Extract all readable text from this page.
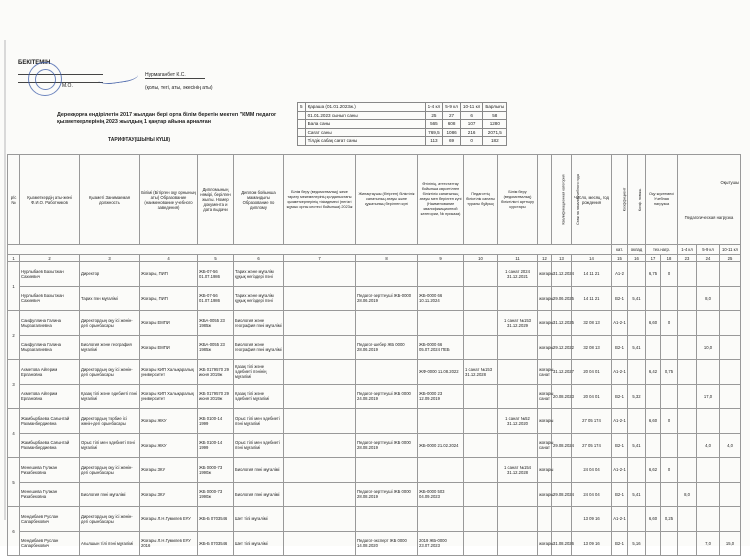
БЕКІТЕМІН

М.О.
Нурмаганбет К.С.

(қолы, тегі, аты, әкесінің аты)
Дерекқорға ендірілетін 2017 жылдан бері орта білім беретін мектеп "КММ педагог қызметкерлерінің 2023 жылдың 1 қаңтар айына арналған
ТАРИФТАУ(ШЫНЫ КҮШІ)
5	Қараша (01.01.2023ж.)	1-4 кл	5-9 кл	10-11 кл	Барлығы
	01.01.2023 сынып саны	25	27	6	58
	Бала саны	565	608	107	1280
	Сағат саны	769,5	1086	216	2071,5
	Тілдік сабақ сағат саны	113	69	0	182
p/c №	Қызметкердің аты-жөні Ф.И.О. Работников	Қызметі Занимаемая должность	Білімі (Бітірген оқу орнының аты) Образование (наименование учебного заведения)	Дипломының нөмірі, берілген жылы. Номер документа и дата выдачи	Диплом бойынша мамандығы Образование по диплому	Білім беру (ведомствалық) жеке тарату мекемелерінің қолданыстағы қызметкерлерінің тізімдемесі (негізгі жұмыс орны кестесі бойынша) 2023ж	Жинақтаушы (бітірген) біліктілік санатының атауы және құжатының берілген күні	Өтілінің, аттестаттау бойынша көрсетілген біліктілік санатының атауы мен берілген күні (Наименование квалификационной категории, № приказа)	Педагогтің біліктілік санаты туралы бұйрық	Білім беру (ведомствалық) біліктілікті арттыру курстары	Квалификационная категория	Стаж на начало учебного года	Число, месяц, год рождения	Коэффициент	Коэф. повыш.	Оқу жүктемесі Учебная нагрузка		Оқытушы
Педагогическая нагрузка		

														кат.	оклад	тех.нагр.		1-4 кл	5-9 кл	10-11 кл
1	2	3	4	5	6	7	8	9	10	11	12	13	14	15	16	17	18	23	24	25
1	Нурлыбаев Бахытжан Сахиевич	Директор	Жоғары, ПИП	ЖБ-07-56 01.07.1986	Тарих және мұғалім құқық негіздері пәні					1 санат 2024 31.12.2021	жоғары	31.12.2024	14 11 21	A1-2		6,75	0			
	Нурлыбаев Бахытжан Сахиевич	Тарих пән мұғалімі	Жоғары, ПИП	ЖБ-07-56 01.07.1986	Тарих және мұғалім құқық негіздері пәні		Педагог-зерттеуші ЖБ-0000 28.06.2019	ЖБ-0000 66 10.11.2024			жоғары	29.06.2025	14 11 21	B2-1	5,41				8,0	
2	Саифуллина Галина Мырзагалиевна	Директордың оқу ісі жөнін-дегі орынбасары	Жоғары ЕМПИ	ЖБА-0055 23 1985ж	Биология және география пәні мұғалімі					1 санат №153 31.12.2029	жоғары	31.12.2025	32 08 13	A1-2-1		6,60	0			
	Саифуллина Галина Мырзагалиевна	Биология және география мұғалімі	Жоғары ЕМПИ	ЖБА-0055 23 1985ж	Биология және география пәні мұғалімі		Педагог-шебер ЖБ 0000 28.06.2019	ЖБ-0000 66 05.07.2024 ПЕБ			жоғары	29.12.2022	32 08 13	B2-1	5,41				10,0	
3	Ахметова Айгерим Ерлановна	Директордың оқу ісі жөнін-дегі орынбасары	Жоғары КИП Халықаралық университет	ЖБ 0179570 29 июня 2019ж	Қазақ тілі және әдебиеті пәнінің мұғалімі			ЖФ-0000 11.08.2022	1 санат №153 31.12.2028		жоғары санат	31.12.2027	20 04 01	A1-2-1		6,42	0,75			
	Ахметова Айгерим Ерлановна	Қазақ тілі және әдебиеті пәні мұғалімі	Жоғары КИП Халықаралық университет	ЖБ 0179570 29 июня 2019ж	Қазақ тілі және әдебиеті мұғалімі		Педагог-зерттеуші ЖБ 0000 24.08.2019	ЖБ-0000 23 12.09.2019			жоғары санат	20.08.2023	20 04 01	B2-1	5,32				17,0	
4	Жамбырбаева Сағынтай Рахманбердиевна	Директордың тәрбие ісі жөнін-дегі орынбасары	Жоғары ЖКУ	ЖБ 0100-14 1999	Орыс тілі мен әдебиеті пәні мұғалімі					1 санат №52 31.12.2020	жоғары		27 05 174	A1-2-1		6,60	0			
	Жамбырбаева Сағынтай Рахманбердиевна	Орыс тілі мен әдебиеті пәні мұғалімі	Жоғары ЖКУ	ЖБ 0100-14 1999	Орыс тілі мен әдебиеті пәні мұғалімі		Педагог-зерттеуші ЖБ 0000 28.08.2019	ЖБ-0000 21.02.2024			жоғары санат	29.08.2024	27 05 174	B2-1	5,41				4,0	4,0
5	Менешева Гүлжан Ризабековна	Директордың оқу ісі жөнін-дегі орынбасары	Жоғары ЗКУ	ЖБ 0000-73 1990ж	Биология пәні мұғалімі					1 санат №154 31.12.2028	жоғары		24 04 04	A1-2-1		6,62	0			
	Менешева Гүлжан Ризабековна	Биология пәні мұғалімі	Жоғары ЗКУ	ЖБ 0000-73 1990ж	Биология пәні мұғалімі		Педагог-зерттеуші ЖБ 0000 28.08.2019	ЖБ-0000 503 04.09.2023			жоғары	29.08.2024	24 04 04	B2-1	5,41			8,0		
6	Мендибаев Руслан Сапарбекович	Директордың оқу ісі жөнін-дегі орынбасары	Жоғары Л.Н.Гумилев ЕҰУ	ЖБ-Б 0703546	Шет тілі мұғалімі								13 09 16	A1-2-1		6,60	0,25			
	Мендибаев Руслан Сапарбекович	Ағылшын тілі пәні мұғалімі	Жоғары Л.Н.Гумилев ЕҰУ 2016	ЖБ-Б 0703546	Шет тілі мұғалімі		Педагог-эксперт ЖБ 0000 14.08.2020	2019 ЖБ-0000 23.07.2023			жоғары	31.08.2026	13 09 16	B2-1	5,16				7,0	15,0
